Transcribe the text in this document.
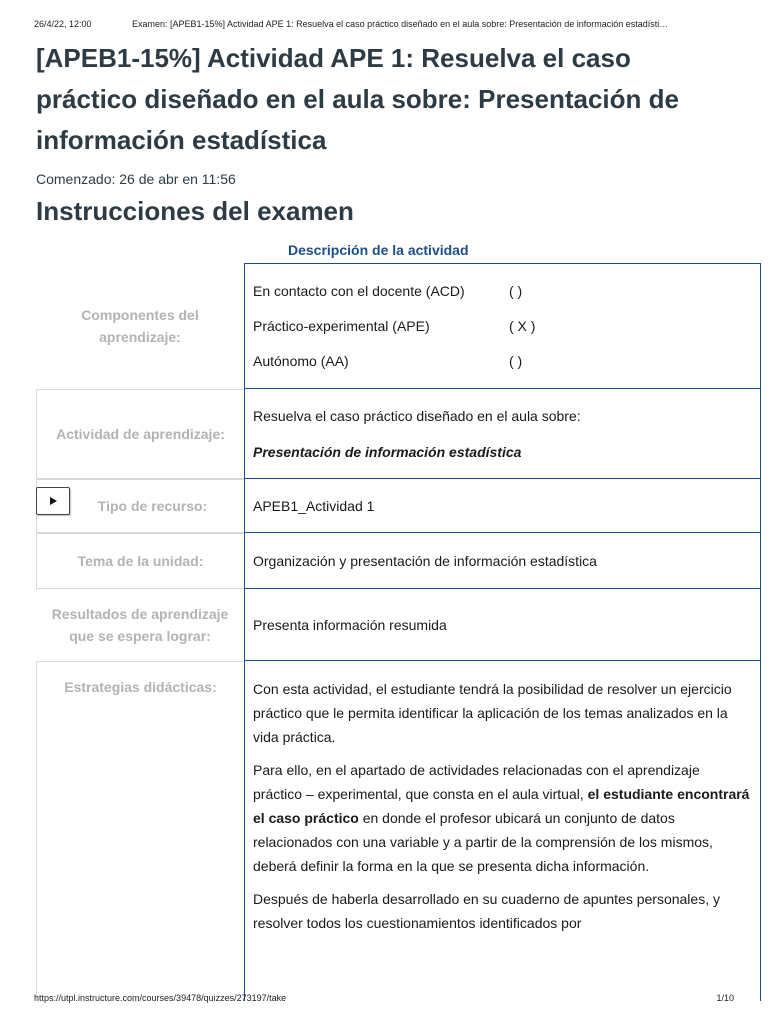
26/4/22, 12:00	Examen: [APEB1-15%] Actividad APE 1: Resuelva el caso práctico diseñado en el aula sobre: Presentación de información estadísti…
[APEB1-15%] Actividad APE 1: Resuelva el caso práctico diseñado en el aula sobre: Presentación de información estadística
Comenzado: 26 de abr en 11:56
Instrucciones del examen
Descripción de la actividad
Componentes del aprendizaje:
En contacto con el docente (ACD)	( )
Práctico-experimental (APE)	( X )
Autónomo (AA)	( )
Actividad de aprendizaje:
Resuelva el caso práctico diseñado en el aula sobre:
Presentación de información estadística
Tipo de recurso:	APEB1_Actividad 1
Tema de la unidad:	Organización y presentación de información estadística
Resultados de aprendizaje que se espera lograr:
Presenta información resumida
Estrategias didácticas:	Con esta actividad, el estudiante tendrá la posibilidad de resolver un ejercicio práctico que le permita identificar la aplicación de los temas analizados en la vida práctica.

Para ello, en el apartado de actividades relacionadas con el aprendizaje práctico – experimental, que consta en el aula virtual, el estudiante encontrará el caso práctico en donde el profesor ubicará un conjunto de datos relacionados con una variable y a partir de la comprensión de los mismos, deberá definir la forma en la que se presenta dicha información.

Después de haberla desarrollado en su cuaderno de apuntes personales, y resolver todos los cuestionamientos identificados por

https://utpl.instructure.com/courses/39478/quizzes/273197/take	1/10
